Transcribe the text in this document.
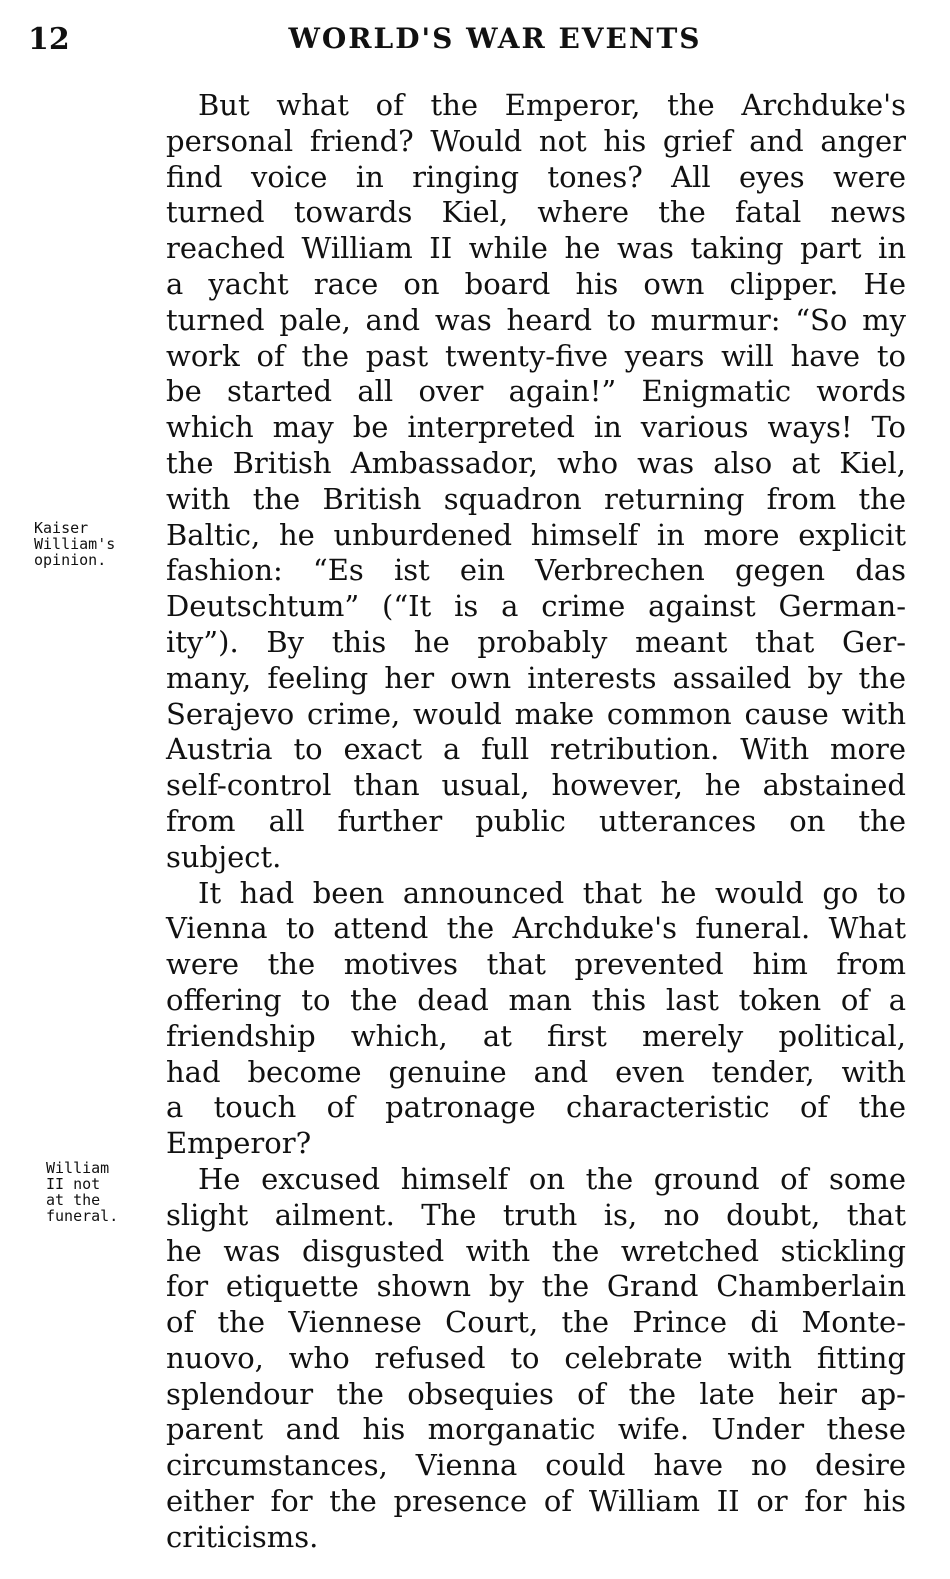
12	WORLD'S WAR EVENTS
Kaiser
William's
opinion.
William
II not
at the
funeral.
But what of the Emperor, the Archduke's
personal friend? Would not his grief and anger
find voice in ringing tones? All eyes were
turned towards Kiel, where the fatal news
reached William II while he was taking part in
a yacht race on board his own clipper. He
turned pale, and was heard to murmur: “So my
work of the past twenty-five years will have to
be started all over again!” Enigmatic words
which may be interpreted in various ways! To
the British Ambassador, who was also at Kiel,
with the British squadron returning from the
Baltic, he unburdened himself in more explicit
fashion: “Es ist ein Verbrechen gegen das
Deutschtum” (“It is a crime against German-
ity”). By this he probably meant that Ger-
many, feeling her own interests assailed by the
Serajevo crime, would make common cause with
Austria to exact a full retribution. With more
self-control than usual, however, he abstained
from all further public utterances on the
subject.
It had been announced that he would go to
Vienna to attend the Archduke's funeral. What
were the motives that prevented him from
offering to the dead man this last token of a
friendship which, at first merely political,
had become genuine and even tender, with
a touch of patronage characteristic of the
Emperor?
He excused himself on the ground of some
slight ailment. The truth is, no doubt, that
he was disgusted with the wretched stickling
for etiquette shown by the Grand Chamberlain
of the Viennese Court, the Prince di Monte-
nuovo, who refused to celebrate with fitting
splendour the obsequies of the late heir ap-
parent and his morganatic wife. Under these
circumstances, Vienna could have no desire
either for the presence of William II or for his
criticisms.
